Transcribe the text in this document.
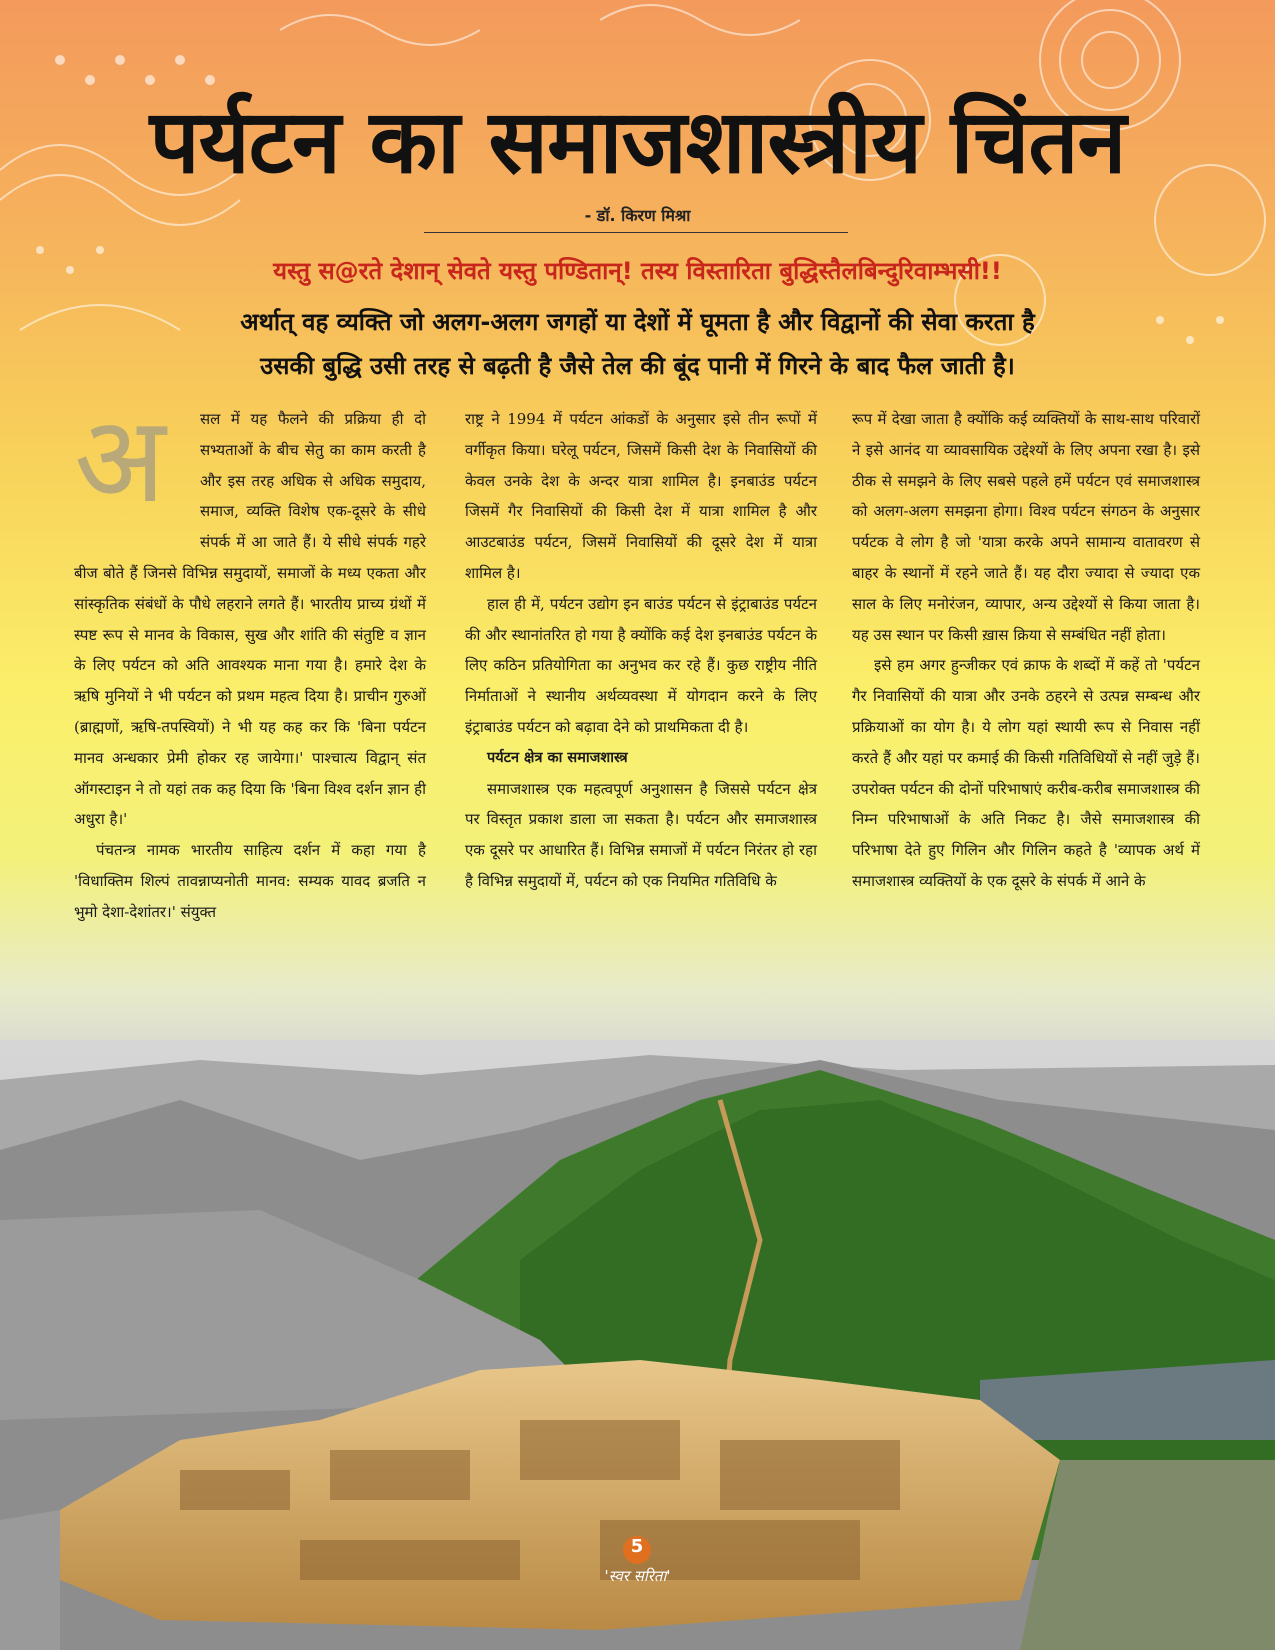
पर्यटन का समाजशास्त्रीय चिंतन
- डॉ. किरण मिश्रा
यस्तु स@रते देशान् सेवते यस्तु पण्डितान्! तस्य विस्तारिता बुद्धिस्तैलबिन्दुरिवाम्भसी!!
अर्थात् वह व्यक्ति जो अलग-अलग जगहों या देशों में घूमता है और विद्वानों की सेवा करता है
उसकी बुद्धि उसी तरह से बढ़ती है जैसे तेल की बूंद पानी में गिरने के बाद फैल जाती है।
अ	सल में यह फैलने की प्रक्रिया ही दो सभ्यताओं के बीच सेतु का काम करती है और इस तरह अधिक से अधिक समुदाय, समाज, व्यक्ति विशेष एक-दूसरे के सीधे संपर्क में आ जाते हैं। ये सीधे संपर्क गहरे बीज बोते हैं जिनसे विभिन्न समुदायों, समाजों के मध्य एकता और सांस्कृतिक संबंधों के पौधे लहराने लगते हैं। भारतीय प्राच्य ग्रंथों में स्पष्ट रूप से मानव के विकास, सुख और शांति की संतुष्टि व ज्ञान के लिए पर्यटन को अति आवश्यक माना गया है। हमारे देश के ऋषि मुनियों ने भी पर्यटन को प्रथम महत्व दिया है। प्राचीन गुरुओं (ब्राह्मणों, ऋषि-तपस्वियों) ने भी यह कह कर कि 'बिना पर्यटन मानव अन्धकार प्रेमी होकर रह जायेगा।' पाश्चात्य विद्वान् संत ऑगस्टाइन ने तो यहां तक कह दिया कि 'बिना विश्व दर्शन ज्ञान ही अधुरा है।'

पंचतन्त्र नामक भारतीय साहित्य दर्शन में कहा गया है 'विधाक्तिम शिल्पं तावन्नाप्यनोती मानव: सम्यक यावद ब्रजति न भुमो देशा-देशांतर।' संयुक्त

राष्ट्र ने 1994 में पर्यटन आंकडों के अनुसार इसे तीन रूपों में वर्गीकृत किया। घरेलू पर्यटन, जिसमें किसी देश के निवासियों की केवल उनके देश के अन्दर यात्रा शामिल है। इनबाउंड पर्यटन जिसमें गैर निवासियों की किसी देश में यात्रा शामिल है और आउटबाउंड पर्यटन, जिसमें निवासियों की दूसरे देश में यात्रा शामिल है।

हाल ही में, पर्यटन उद्योग इन बाउंड पर्यटन से इंट्राबाउंड पर्यटन की और स्थानांतरित हो गया है क्योंकि कई देश इनबाउंड पर्यटन के लिए कठिन प्रतियोगिता का अनुभव कर रहे हैं। कुछ राष्ट्रीय नीति निर्माताओं ने स्थानीय अर्थव्यवस्था में योगदान करने के लिए इंट्राबाउंड पर्यटन को बढ़ावा देने को प्राथमिकता दी है।

पर्यटन क्षेत्र का समाजशास्त्र

समाजशास्त्र एक महत्वपूर्ण अनुशासन है जिससे पर्यटन क्षेत्र पर विस्तृत प्रकाश डाला जा सकता है। पर्यटन और समाजशास्त्र एक दूसरे पर आधारित हैं। विभिन्न समाजों में पर्यटन निरंतर हो रहा है विभिन्न समुदायों में, पर्यटन को एक नियमित गतिविधि के

रूप में देखा जाता है क्योंकि कई व्यक्तियों के साथ-साथ परिवारों ने इसे आनंद या व्यावसायिक उद्देश्यों के लिए अपना रखा है। इसे ठीक से समझने के लिए सबसे पहले हमें पर्यटन एवं समाजशास्त्र को अलग-अलग समझना होगा। विश्व पर्यटन संगठन के अनुसार पर्यटक वे लोग है जो 'यात्रा करके अपने सामान्य वातावरण से बाहर के स्थानों में रहने जाते हैं। यह दौरा ज्यादा से ज्यादा एक साल के लिए मनोरंजन, व्यापार, अन्य उद्देश्यों से किया जाता है। यह उस स्थान पर किसी ख़ास क्रिया से सम्बंधित नहीं होता।

इसे हम अगर हुन्जीकर एवं क्राफ के शब्दों में कहें तो 'पर्यटन गैर निवासियों की यात्रा और उनके ठहरने से उत्पन्न सम्बन्ध और प्रक्रियाओं का योग है। ये लोग यहां स्थायी रूप से निवास नहीं करते हैं और यहां पर कमाई की किसी गतिविधियों से नहीं जुड़े हैं। उपरोक्त पर्यटन की दोनों परिभाषाएं करीब-करीब समाजशास्त्र की निम्न परिभाषाओं के अति निकट है। जैसे समाजशास्त्र की परिभाषा देते हुए गिलिन और गिलिन कहते है 'व्यापक अर्थ में समाजशास्त्र व्यक्तियों के एक दूसरे के संपर्क में आने के

5
'स्वर सरिता'
